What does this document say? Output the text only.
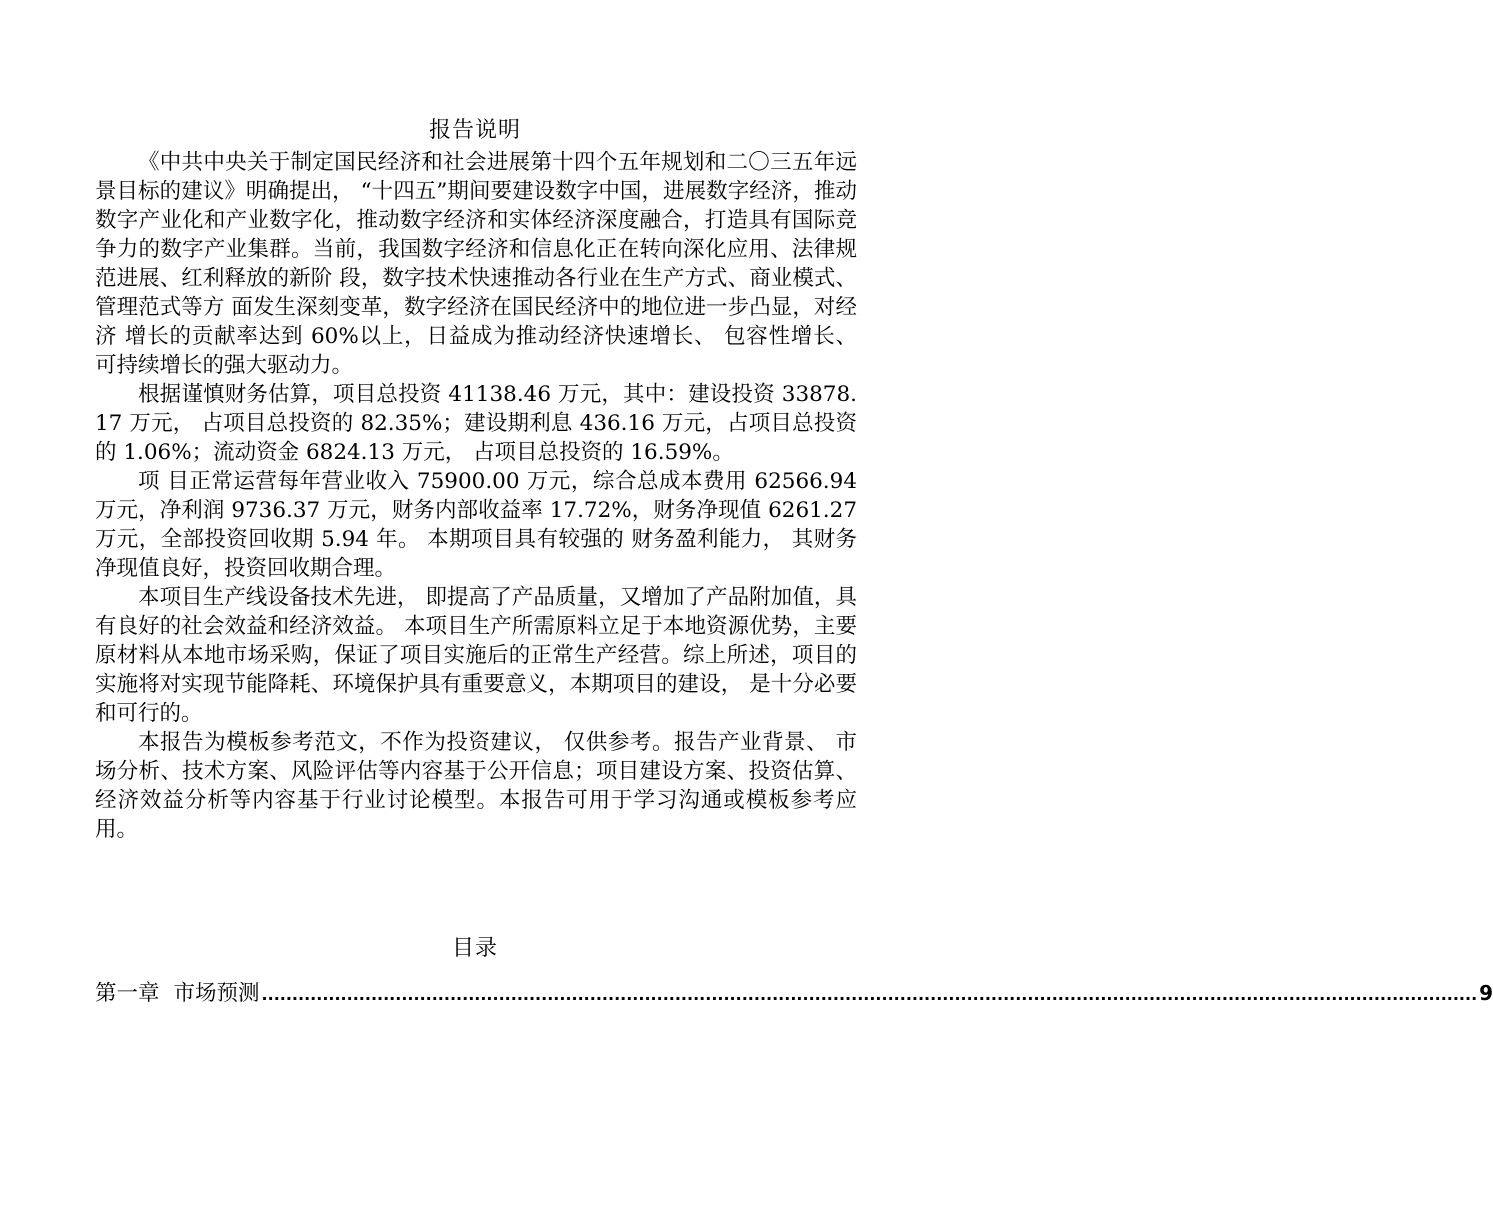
报告说明

《中共中央关于制定国民经济和社会进展第十四个五年规划和二〇三五年远景目标的建议》明确提出， “十四五”期间要建设数字中国，进展数字经济，推动数字产业化和产业数字化，推动数字经济和实体经济深度融合，打造具有国际竞争力的数字产业集群。当前，我国数字经济和信息化正在转向深化应用、法律规范进展、红利释放的新阶 段，数字技术快速推动各行业在生产方式、商业模式、管理范式等方 面发生深刻变革，数字经济在国民经济中的地位进一步凸显，对经济 增长的贡献率达到 60%以上，日益成为推动经济快速增长、 包容性增长、 可持续增长的强大驱动力。

根据谨慎财务估算，项目总投资 41138.46 万元，其中：建设投资 33878.17 万元， 占项目总投资的 82.35%；建设期利息 436.16 万元，占项目总投资的 1.06%；流动资金 6824.13 万元， 占项目总投资的 16.59%。

项 目正常运营每年营业收入 75900.00 万元，综合总成本费用 62566.94 万元，净利润 9736.37 万元，财务内部收益率 17.72%，财务净现值 6261.27 万元，全部投资回收期 5.94 年。 本期项目具有较强的 财务盈利能力， 其财务净现值良好，投资回收期合理。

本项目生产线设备技术先进， 即提高了产品质量，又增加了产品附加值，具有良好的社会效益和经济效益。 本项目生产所需原料立足于本地资源优势，主要原材料从本地市场采购，保证了项目实施后的正常生产经营。综上所述，项目的实施将对实现节能降耗、环境保护具有重要意义，本期项目的建设， 是十分必要和可行的。

本报告为模板参考范文，不作为投资建议， 仅供参考。报告产业背景、 市场分析、技术方案、风险评估等内容基于公开信息；项目建设方案、投资估算、经济效益分析等内容基于行业讨论模型。本报告可用于学习沟通或模板参考应用。

目录
第一章 市场预测 ........................................................................................................................................................................................................ 9
